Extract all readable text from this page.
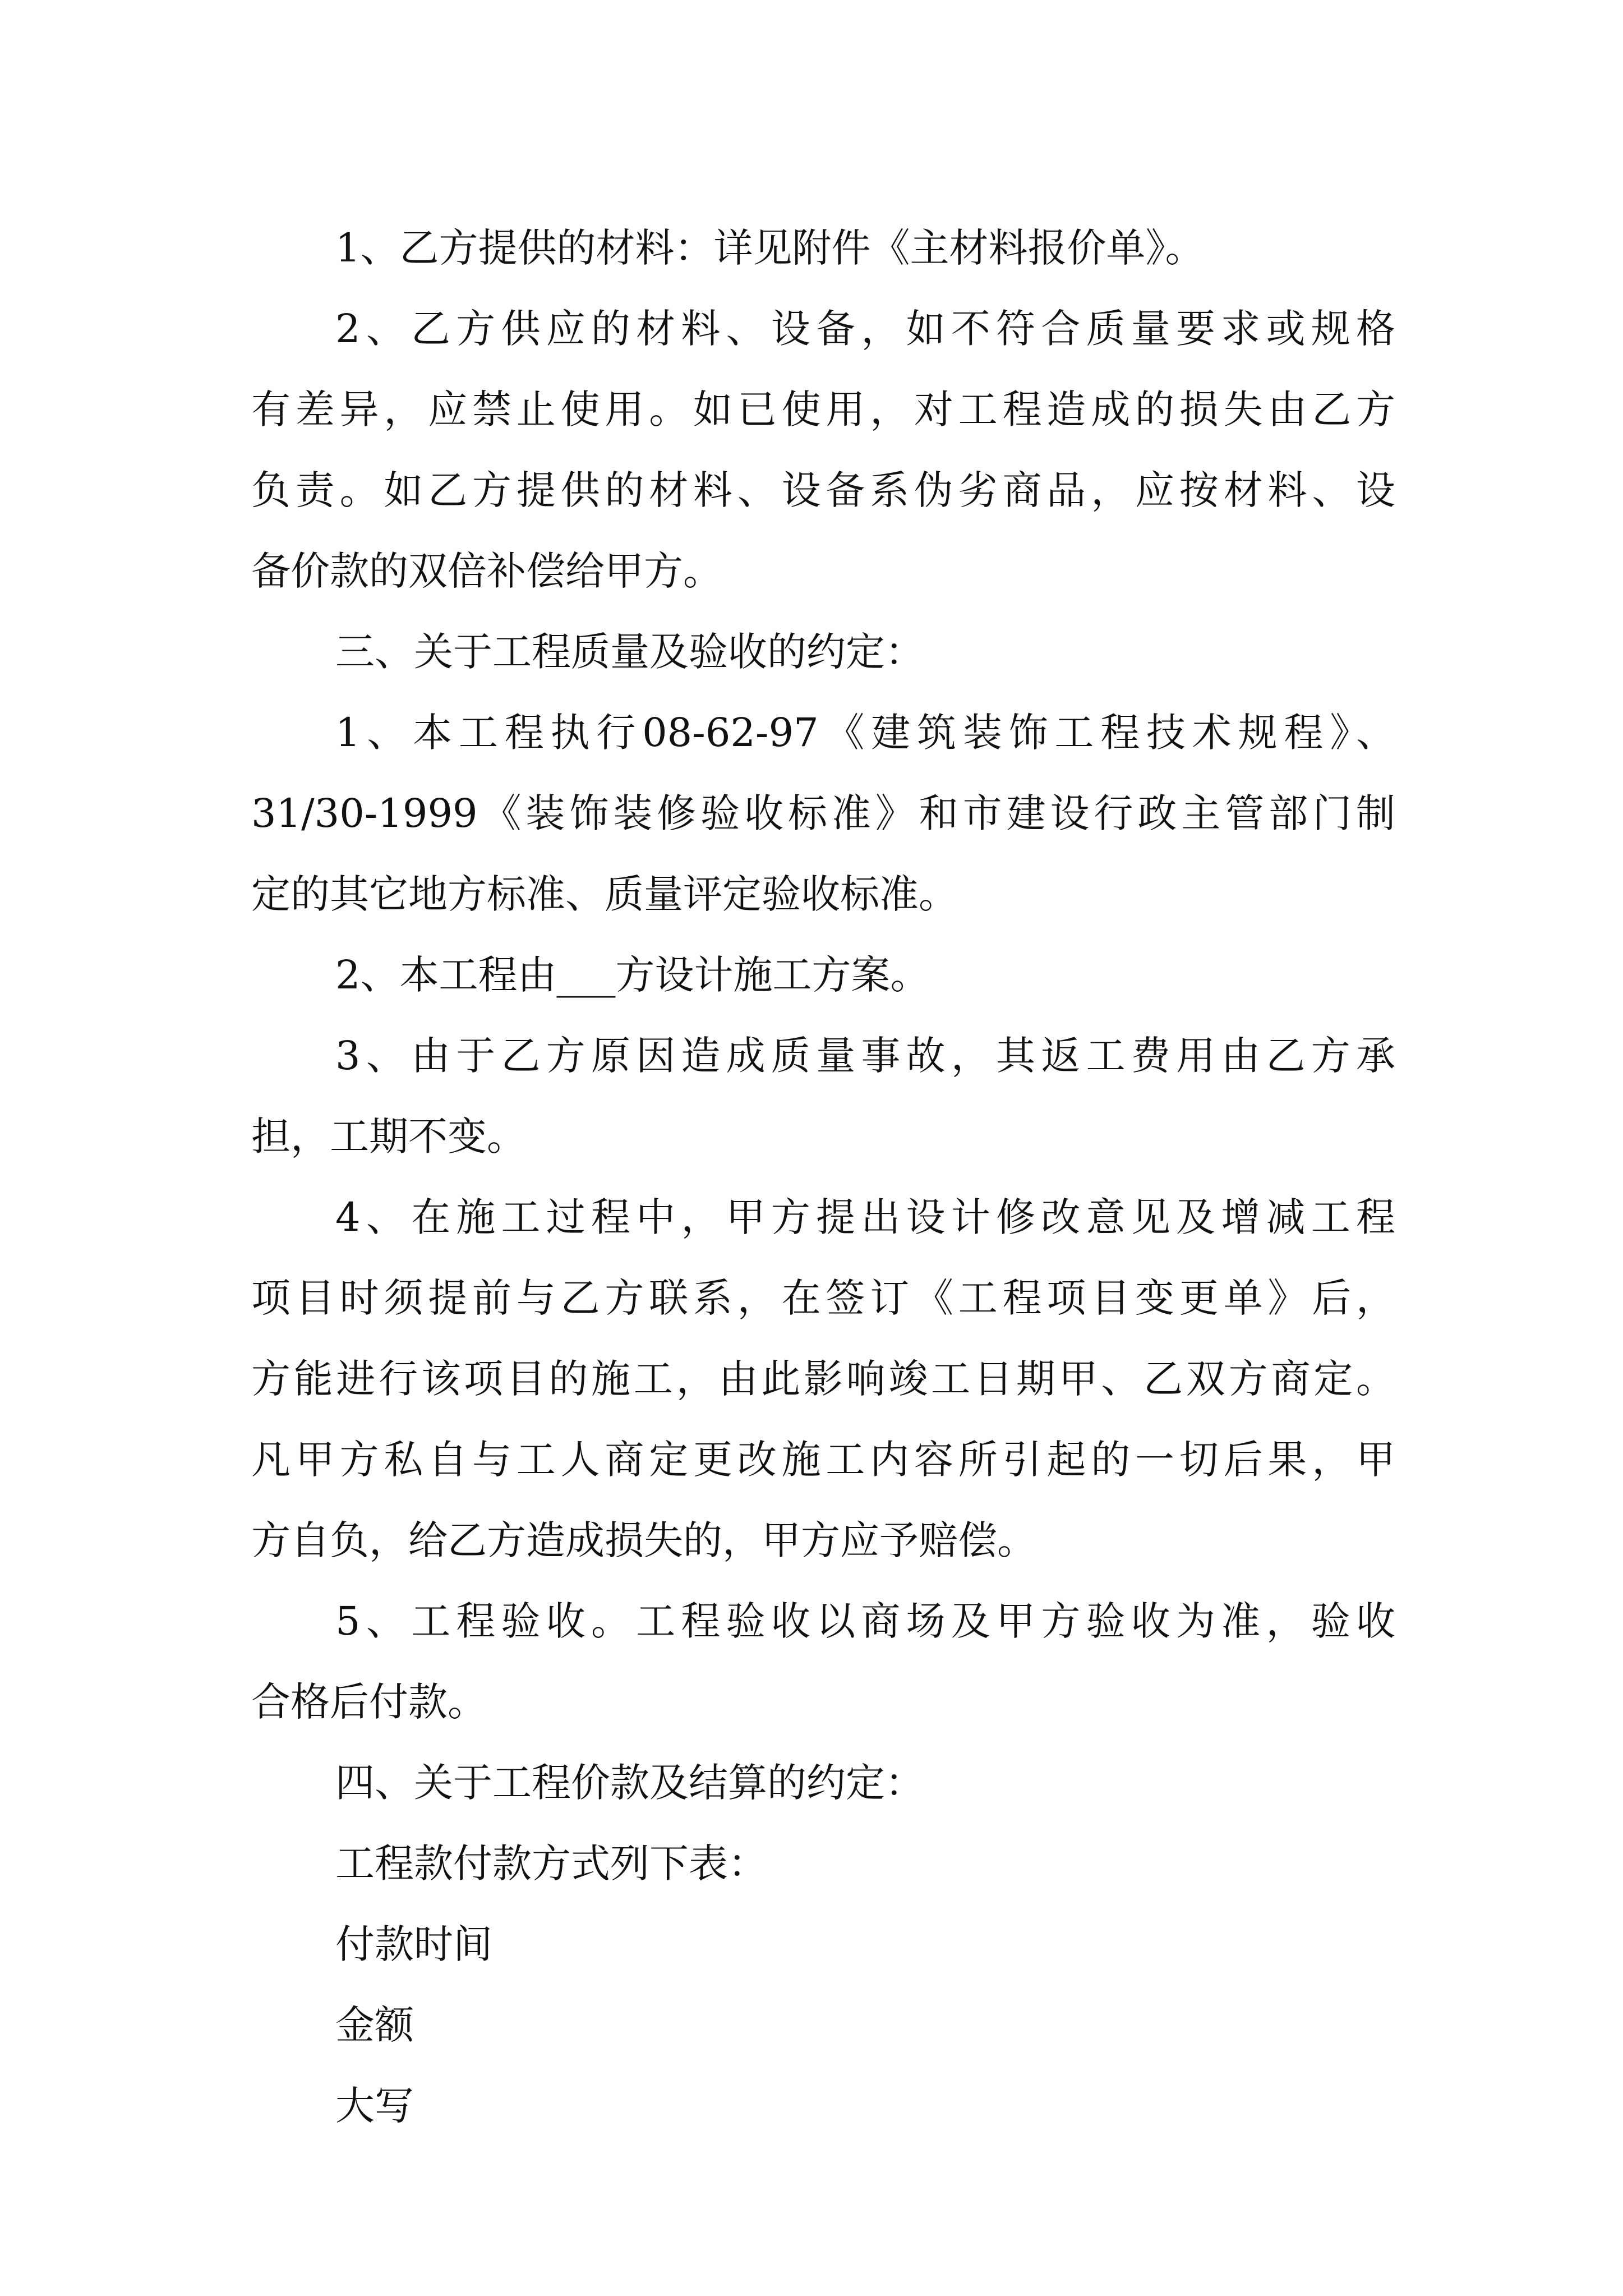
1、乙方提供的材料：详见附件《主材料报价单》。
2、乙方供应的材料、设备，如不符合质量要求或规格
有差异，应禁止使用。如已使用，对工程造成的损失由乙方
负责。如乙方提供的材料、设备系伪劣商品，应按材料、设
备价款的双倍补偿给甲方。
三、关于工程质量及验收的约定：
1、本工程执行08-62-97《建筑装饰工程技术规程》、
31/30-1999《装饰装修验收标准》和市建设行政主管部门制
定的其它地方标准、质量评定验收标准。
2、本工程由___方设计施工方案。
3、由于乙方原因造成质量事故，其返工费用由乙方承
担，工期不变。
4、在施工过程中，甲方提出设计修改意见及增减工程
项目时须提前与乙方联系，在签订《工程项目变更单》后，
方能进行该项目的施工，由此影响竣工日期甲、乙双方商定。
凡甲方私自与工人商定更改施工内容所引起的一切后果，甲
方自负，给乙方造成损失的，甲方应予赔偿。
5、工程验收。工程验收以商场及甲方验收为准，验收
合格后付款。
四、关于工程价款及结算的约定：
工程款付款方式列下表：
付款时间
金额
大写
